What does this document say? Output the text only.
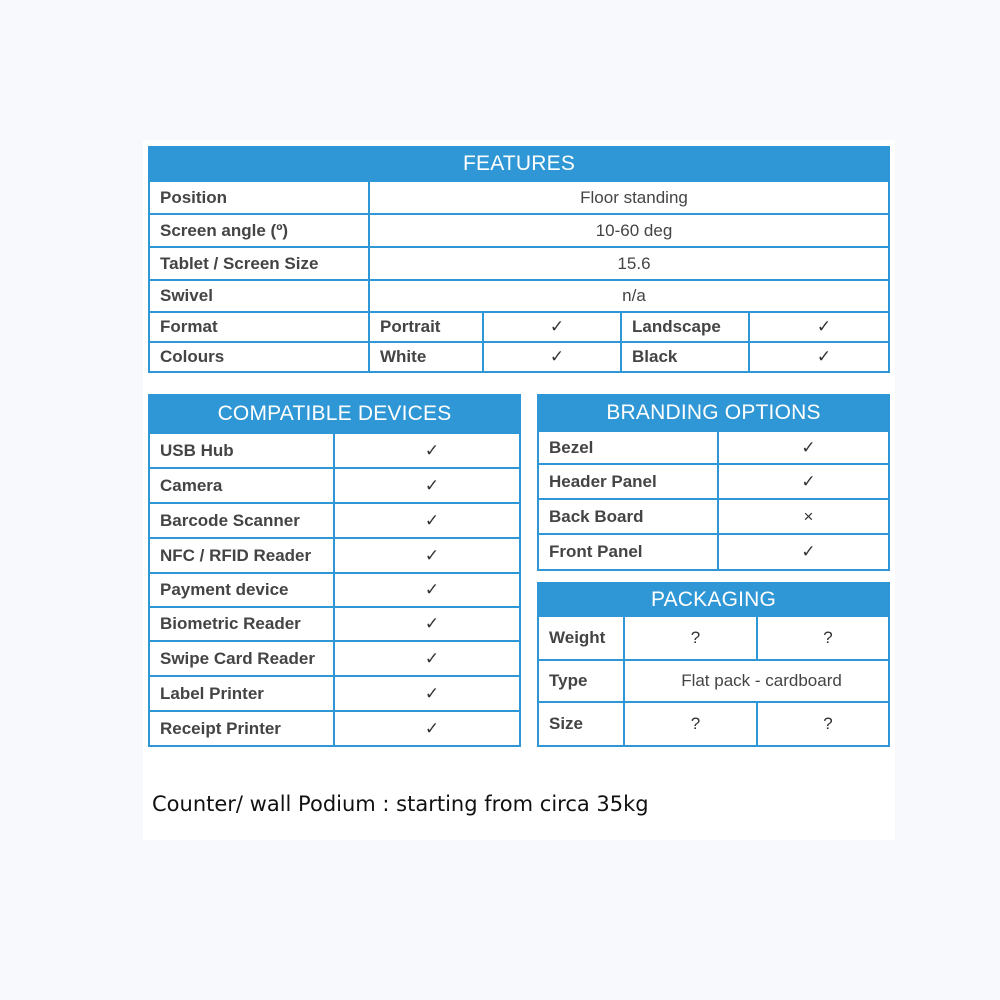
FEATURES				
Position	Floor standing			
Screen angle (º)	10-60 deg			
Tablet / Screen Size	15.6			
Swivel	n/a			
Format	Portrait	✓	Landscape	✓
Colours	White	✓	Black	✓
COMPATIBLE DEVICES	
USB Hub	✓
Camera	✓
Barcode Scanner	✓
NFC / RFID Reader	✓
Payment device	✓
Biometric Reader	✓
Swipe Card Reader	✓
Label Printer	✓
Receipt Printer	✓
BRANDING OPTIONS	
Bezel	✓
Header Panel	✓
Back Board	×
Front Panel	✓
PACKAGING		
Weight	?	?
Type	Flat pack - cardboard	
Size	?	?
Counter/ wall Podium : starting from circa 35kg
